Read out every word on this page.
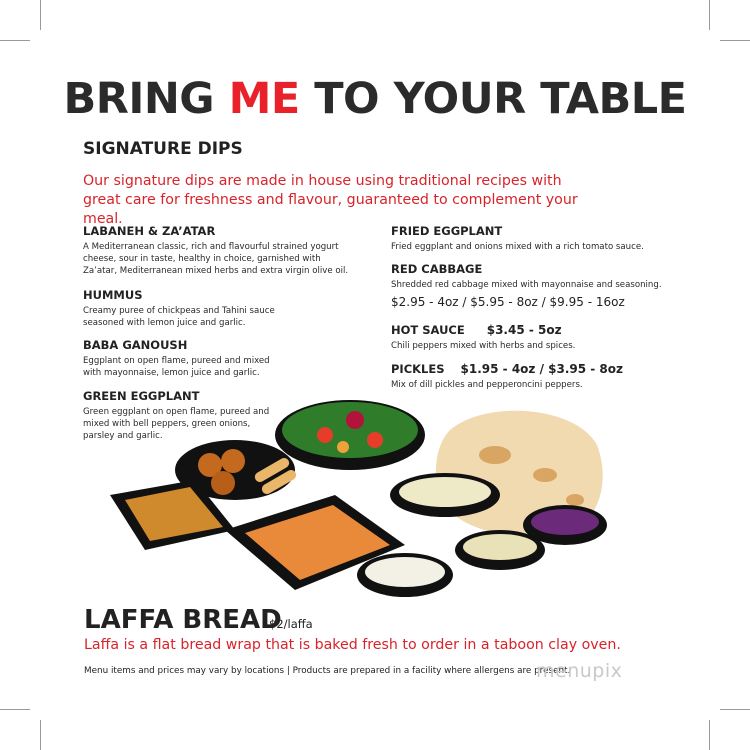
BRING ME TO YOUR TABLE
SIGNATURE DIPS
Our signature dips are made in house using traditional recipes with great care for freshness and flavour, guaranteed to complement your meal.
LABANEH & ZA’ATAR
A Mediterranean classic, rich and flavourful strained yogurt cheese, sour in taste, healthy in choice, garnished with Za’atar, Mediterranean mixed herbs and extra virgin olive oil.
HUMMUS
Creamy puree of chickpeas and Tahini sauce seasoned with lemon juice and garlic.
BABA GANOUSH
Eggplant on open flame, pureed and mixed with mayonnaise, lemon juice and garlic.
GREEN EGGPLANT
Green eggplant on open flame, pureed and mixed with bell peppers, green onions, parsley and garlic.
FRIED EGGPLANT
Fried eggplant and onions mixed with a rich tomato sauce.
RED CABBAGE
Shredded red cabbage mixed with mayonnaise and seasoning.
$2.95 - 4oz / $5.95 - 8oz / $9.95 - 16oz
HOT SAUCE $3.45 - 5oz
Chili peppers mixed with herbs and spices.
PICKLES $1.95 - 4oz / $3.95 - 8oz
Mix of dill pickles and pepperoncini peppers.
LAFFA BREAD
$2/laffa
Laffa is a flat bread wrap that is baked fresh to order in a taboon clay oven.
Menu items and prices may vary by locations | Products are prepared in a facility where allergens are present.
menupix
